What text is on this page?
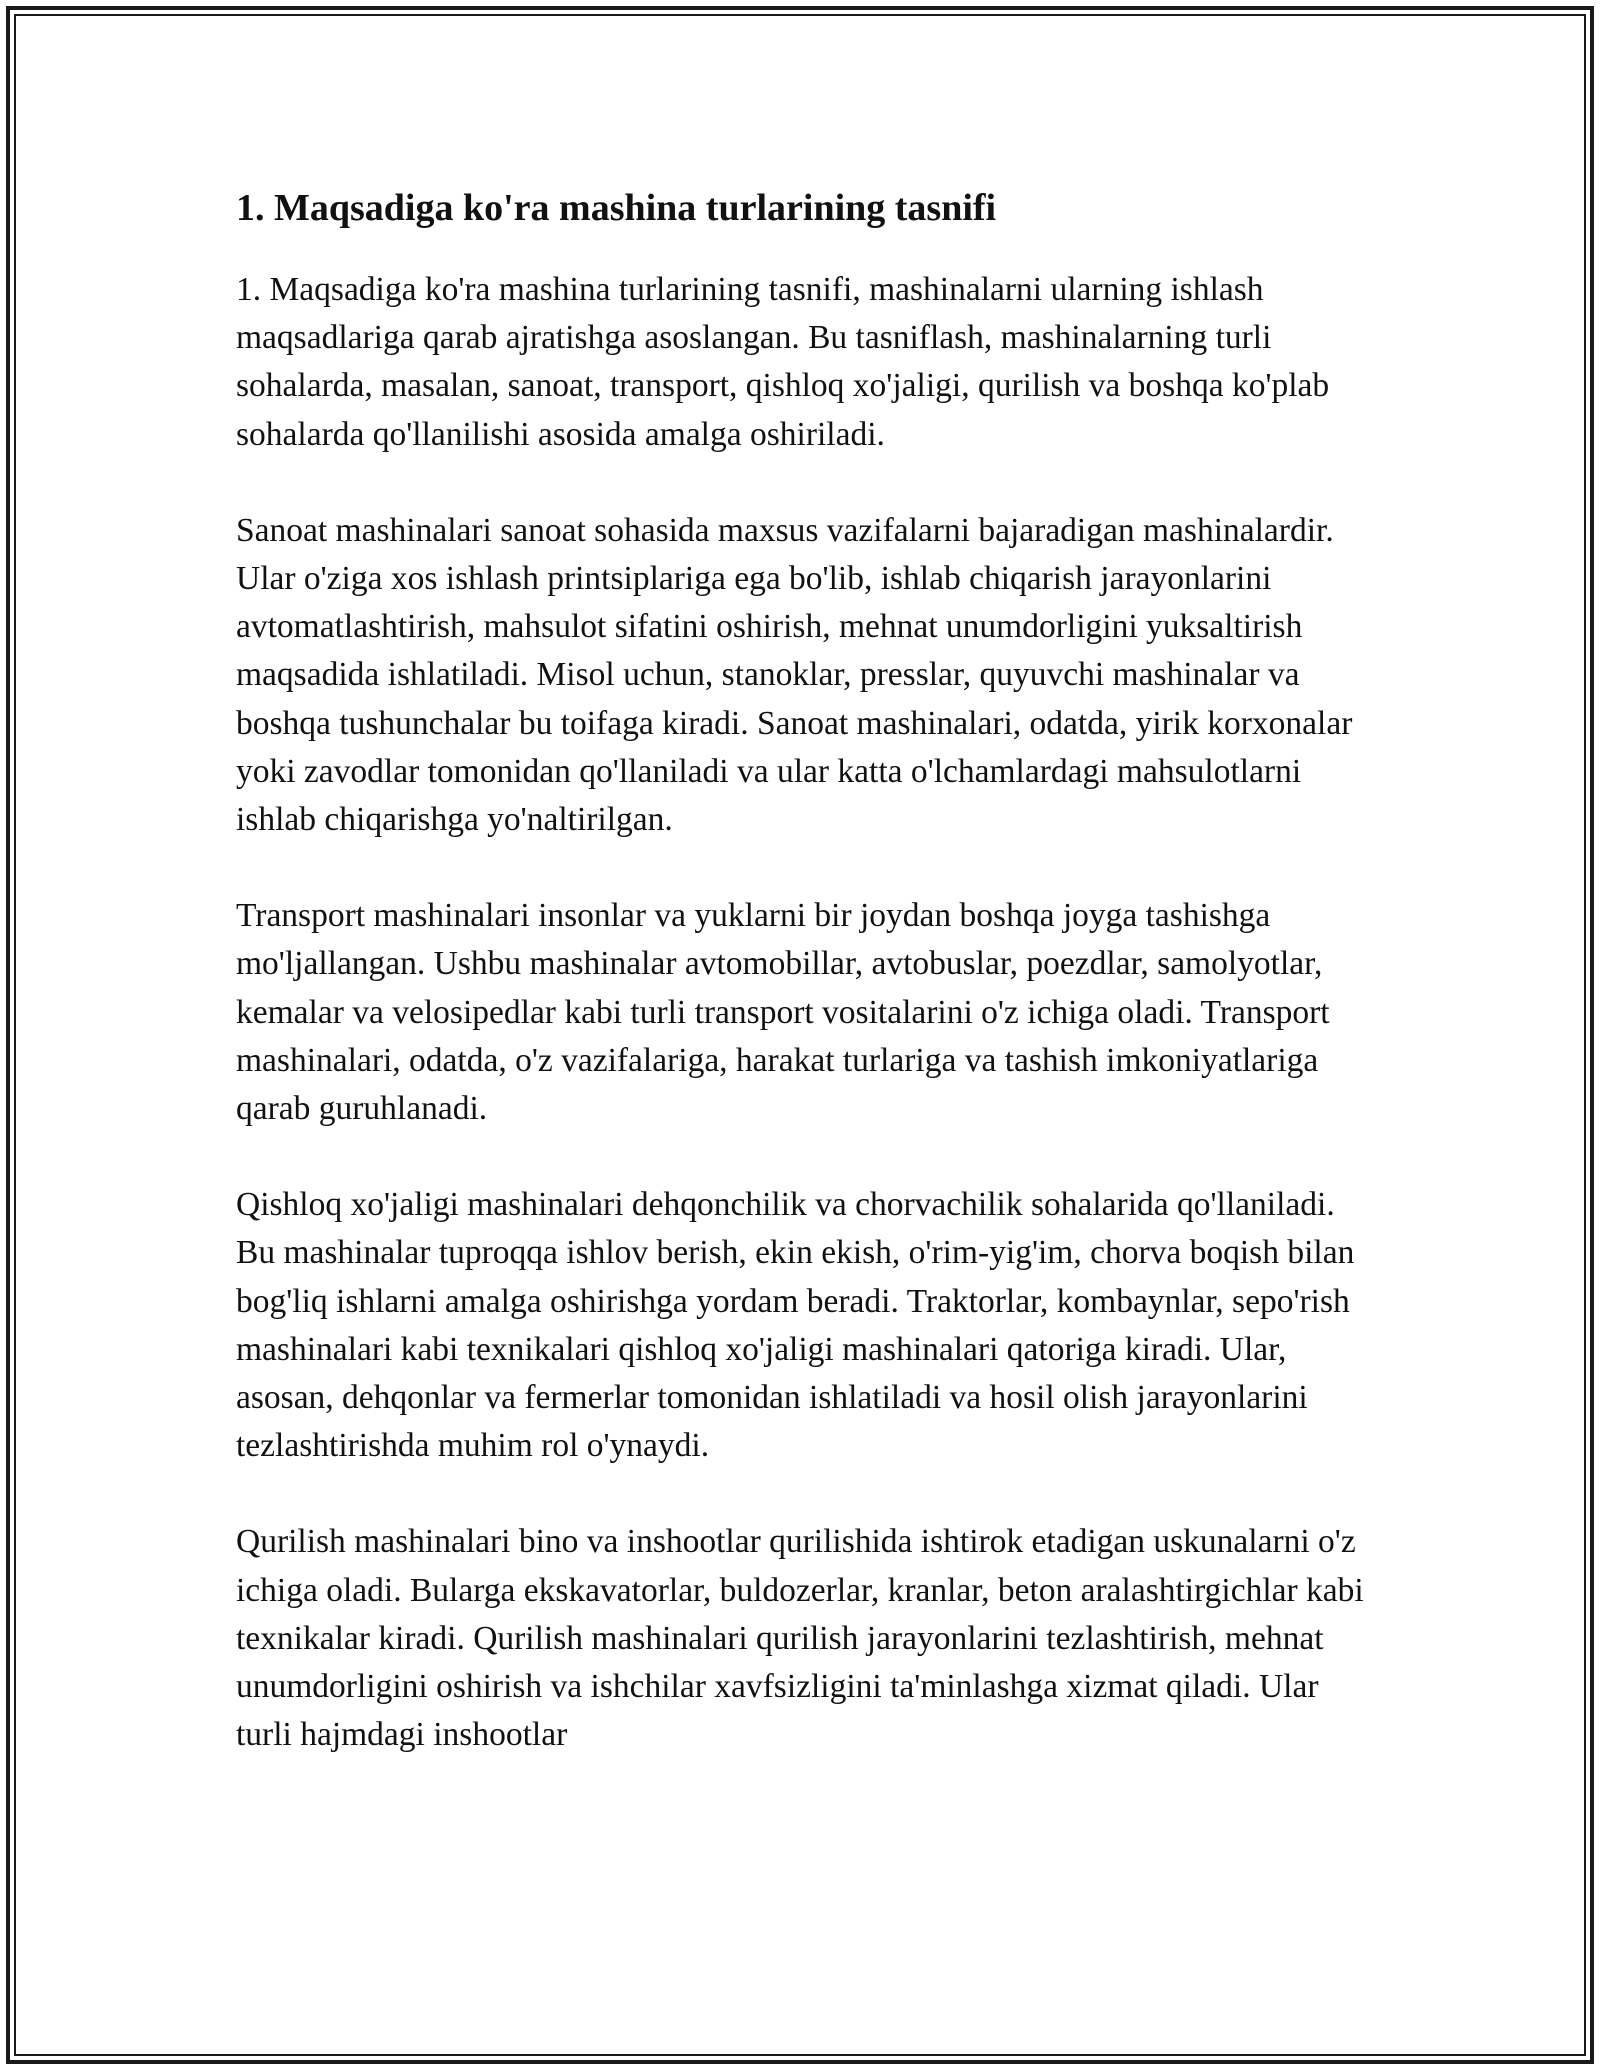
1. Maqsadiga ko'ra mashina turlarining tasnifi

1. Maqsadiga ko'ra mashina turlarining tasnifi, mashinalarni ularning ishlash maqsadlariga qarab ajratishga asoslangan. Bu tasniflash, mashinalarning turli sohalarda, masalan, sanoat, transport, qishloq xo'jaligi, qurilish va boshqa ko'plab sohalarda qo'llanilishi asosida amalga oshiriladi.

Sanoat mashinalari sanoat sohasida maxsus vazifalarni bajaradigan mashinalardir. Ular o'ziga xos ishlash printsiplariga ega bo'lib, ishlab chiqarish jarayonlarini avtomatlashtirish, mahsulot sifatini oshirish, mehnat unumdorligini yuksaltirish maqsadida ishlatiladi. Misol uchun, stanoklar, presslar, quyuvchi mashinalar va boshqa tushunchalar bu toifaga kiradi. Sanoat mashinalari, odatda, yirik korxonalar yoki zavodlar tomonidan qo'llaniladi va ular katta o'lchamlardagi mahsulotlarni ishlab chiqarishga yo'naltirilgan.

Transport mashinalari insonlar va yuklarni bir joydan boshqa joyga tashishga mo'ljallangan. Ushbu mashinalar avtomobillar, avtobuslar, poezdlar, samolyotlar, kemalar va velosipedlar kabi turli transport vositalarini o'z ichiga oladi. Transport mashinalari, odatda, o'z vazifalariga, harakat turlariga va tashish imkoniyatlariga qarab guruhlanadi.

Qishloq xo'jaligi mashinalari dehqonchilik va chorvachilik sohalarida qo'llaniladi. Bu mashinalar tuproqqa ishlov berish, ekin ekish, o'rim-yig'im, chorva boqish bilan bog'liq ishlarni amalga oshirishga yordam beradi. Traktorlar, kombaynlar, sepo'rish mashinalari kabi texnikalari qishloq xo'jaligi mashinalari qatoriga kiradi. Ular, asosan, dehqonlar va fermerlar tomonidan ishlatiladi va hosil olish jarayonlarini tezlashtirishda muhim rol o'ynaydi.

Qurilish mashinalari bino va inshootlar qurilishida ishtirok etadigan uskunalarni o'z ichiga oladi. Bularga ekskavatorlar, buldozerlar, kranlar, beton aralashtirgichlar kabi texnikalar kiradi. Qurilish mashinalari qurilish jarayonlarini tezlashtirish, mehnat unumdorligini oshirish va ishchilar xavfsizligini ta'minlashga xizmat qiladi. Ular turli hajmdagi inshootlar
